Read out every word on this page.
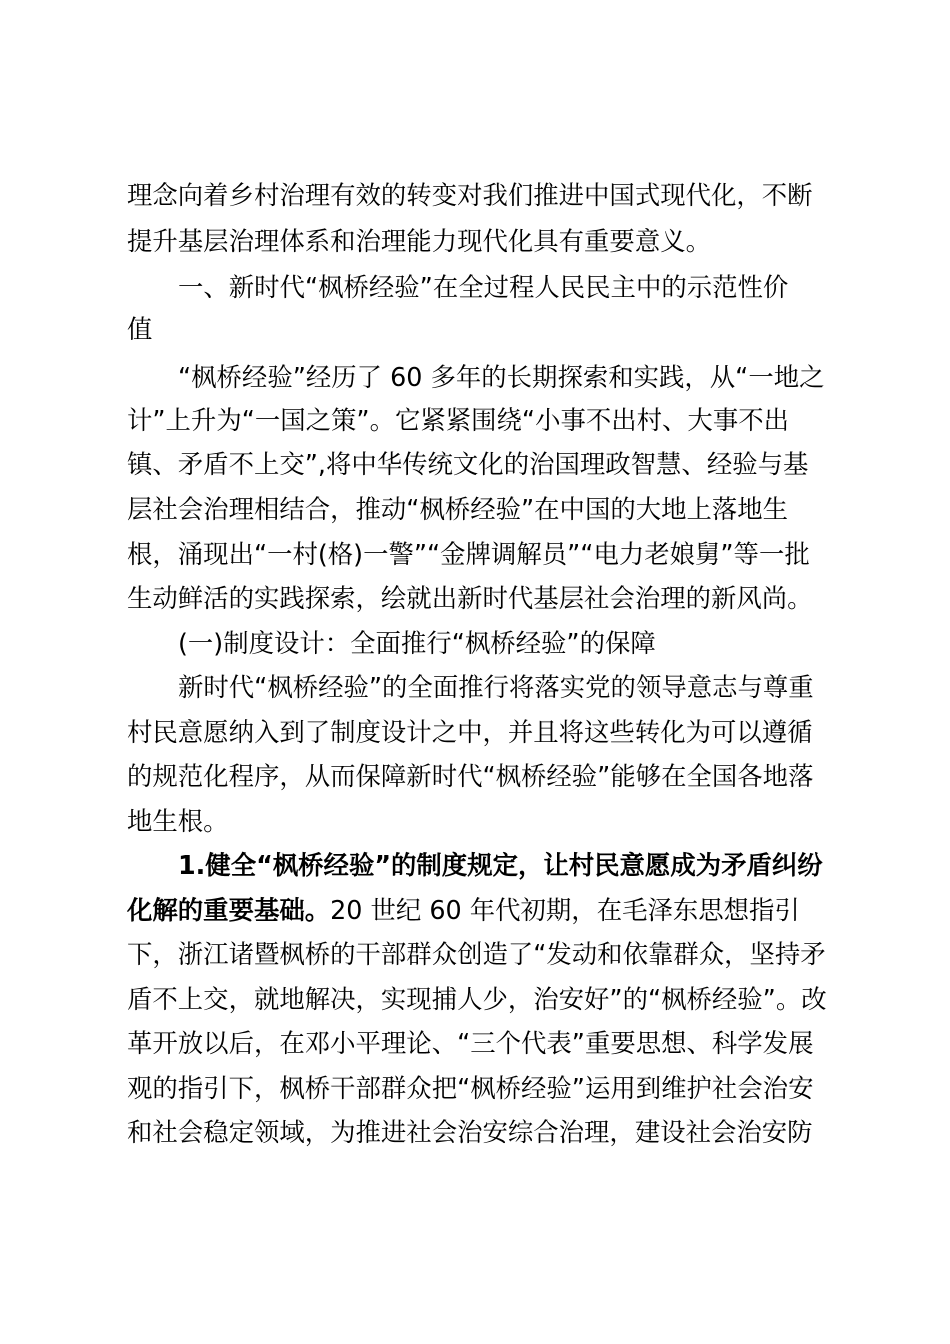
理念向着乡村治理有效的转变对我们推进中国式现代化，不断
提升基层治理体系和治理能力现代化具有重要意义。
一、新时代“枫桥经验”在全过程人民民主中的示范性价
值
“枫桥经验”经历了 60 多年的长期探索和实践，从“一地之
计”上升为“一国之策”。它紧紧围绕“小事不出村、大事不出
镇、矛盾不上交”,将中华传统文化的治国理政智慧、经验与基
层社会治理相结合，推动“枫桥经验”在中国的大地上落地生
根，涌现出“一村(格)一警”“金牌调解员”“电力老娘舅”等一批
生动鲜活的实践探索，绘就出新时代基层社会治理的新风尚。
(一)制度设计：全面推行“枫桥经验”的保障
新时代“枫桥经验”的全面推行将落实党的领导意志与尊重
村民意愿纳入到了制度设计之中，并且将这些转化为可以遵循
的规范化程序，从而保障新时代“枫桥经验”能够在全国各地落
地生根。
1.健全“枫桥经验”的制度规定，让村民意愿成为矛盾纠纷
化解的重要基础。20 世纪 60 年代初期，在毛泽东思想指引
下，浙江诸暨枫桥的干部群众创造了“发动和依靠群众，坚持矛
盾不上交，就地解决，实现捕人少，治安好”的“枫桥经验”。改
革开放以后，在邓小平理论、“三个代表”重要思想、科学发展
观的指引下，枫桥干部群众把“枫桥经验”运用到维护社会治安
和社会稳定领域，为推进社会治安综合治理，建设社会治安防
